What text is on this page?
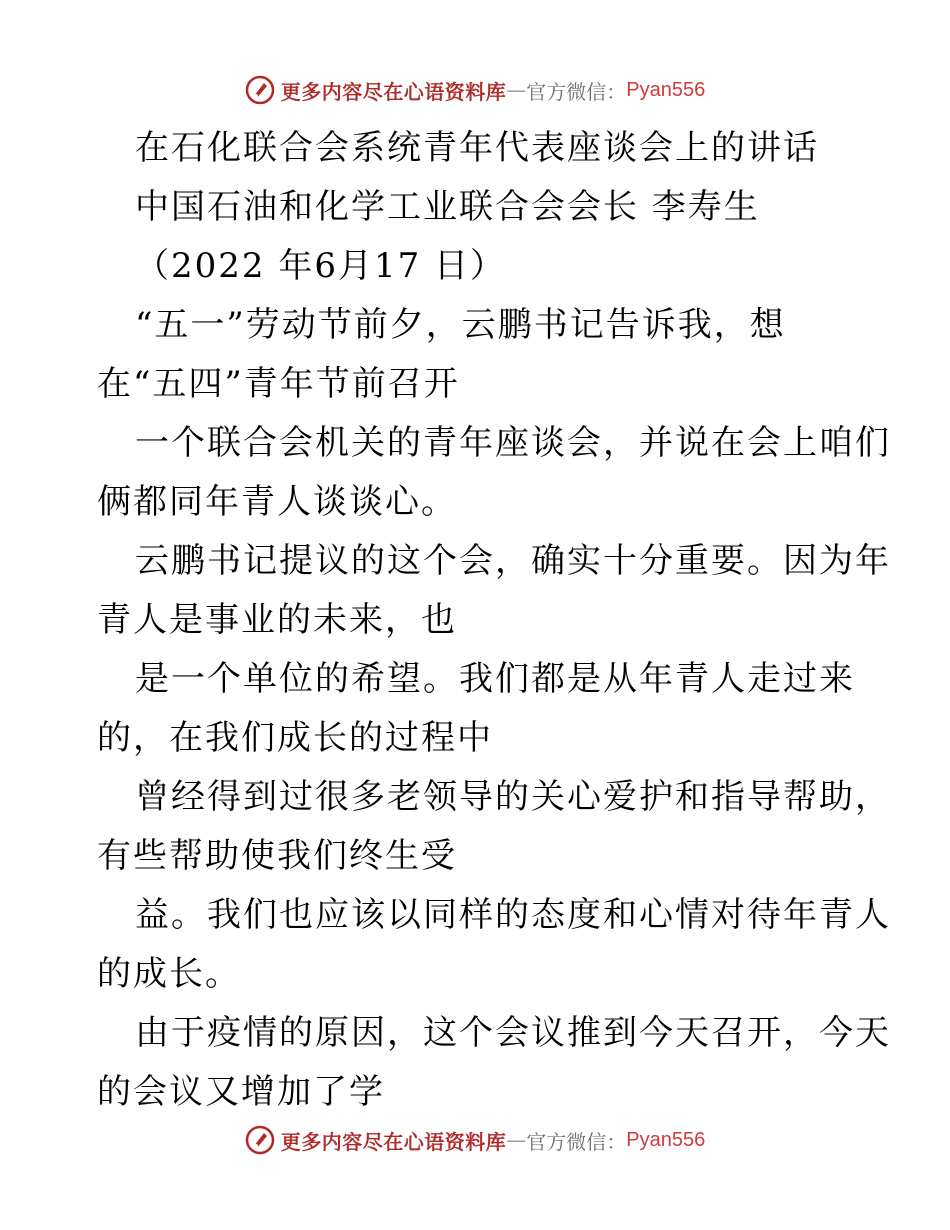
更多内容尽在心语资料库 — 官方微信： Pyan556
在石化联合会系统青年代表座谈会上的讲话
中国石油和化学工业联合会会长 李寿生
（2022 年6月17 日）
“五一”劳动节前夕，云鹏书记告诉我，想
在“五四”青年节前召开
一个联合会机关的青年座谈会，并说在会上咱们
俩都同年青人谈谈心。
云鹏书记提议的这个会，确实十分重要。因为年
青人是事业的未来，也
是一个单位的希望。我们都是从年青人走过来
的，在我们成长的过程中
曾经得到过很多老领导的关心爱护和指导帮助，
有些帮助使我们终生受
益。我们也应该以同样的态度和心情对待年青人
的成长。
由于疫情的原因，这个会议推到今天召开，今天
的会议又增加了学
更多内容尽在心语资料库 — 官方微信： Pyan556
